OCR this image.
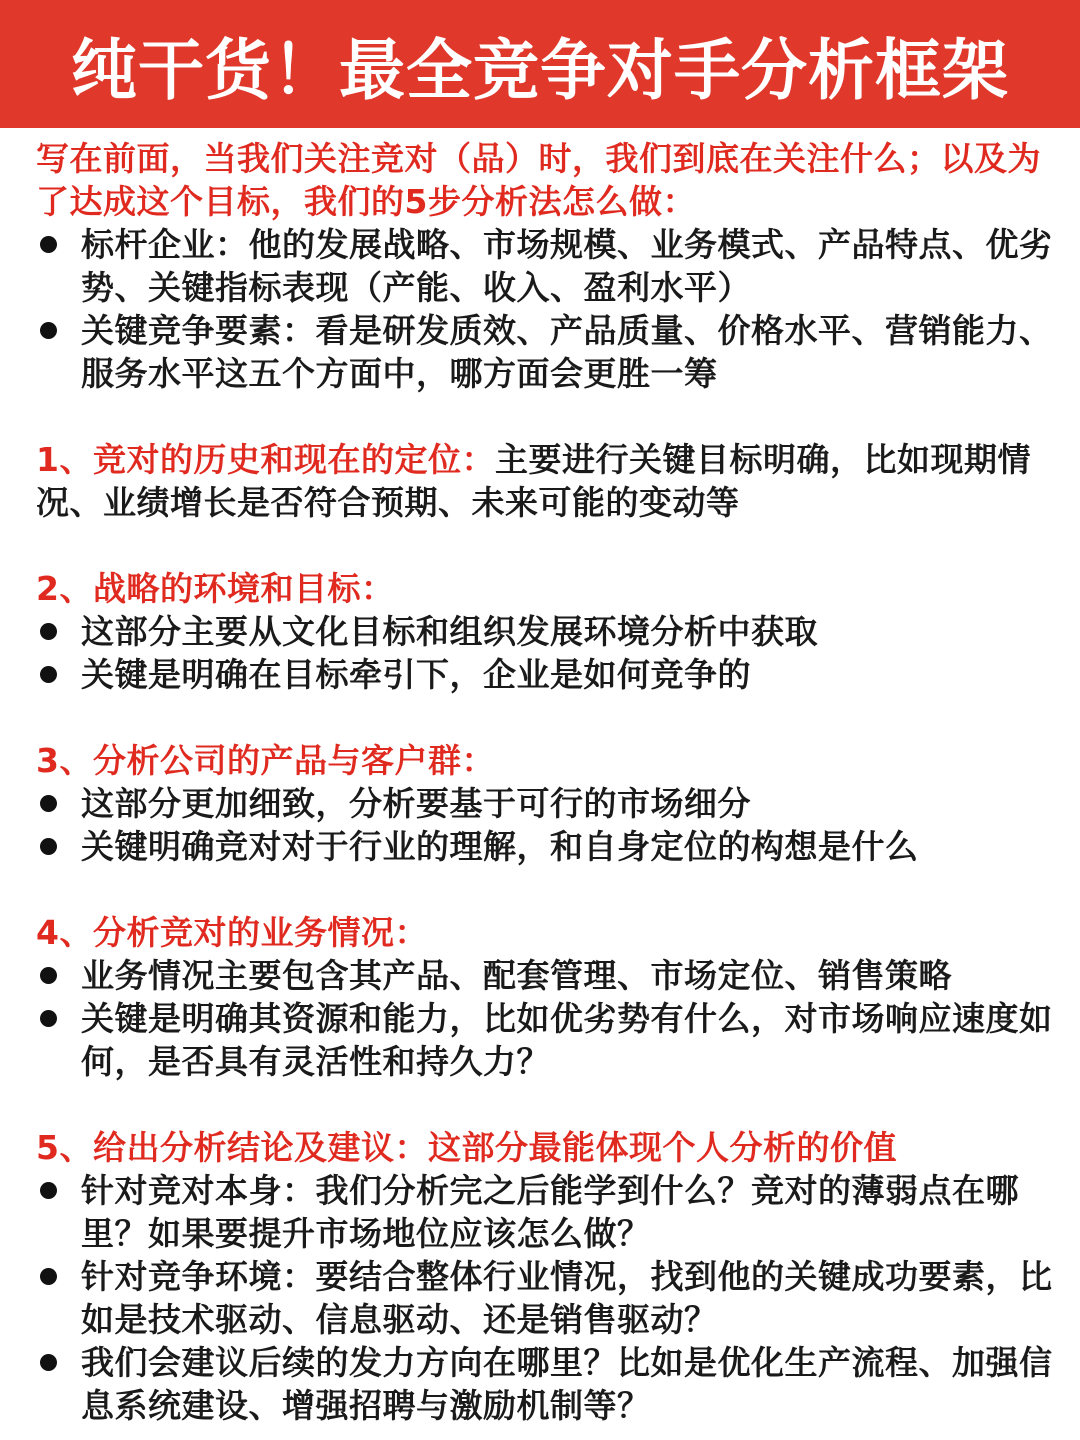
纯干货！最全竞争对手分析框架
写在前面，当我们关注竞对（品）时，我们到底在关注什么；以及为了达成这个目标，我们的5步分析法怎么做：
标杆企业：他的发展战略、市场规模、业务模式、产品特点、优劣势、关键指标表现（产能、收入、盈利水平）
关键竞争要素：看是研发质效、产品质量、价格水平、营销能力、服务水平这五个方面中，哪方面会更胜一筹
1、竞对的历史和现在的定位：主要进行关键目标明确，比如现期情况、业绩增长是否符合预期、未来可能的变动等
2、战略的环境和目标：
这部分主要从文化目标和组织发展环境分析中获取
关键是明确在目标牵引下，企业是如何竞争的
3、分析公司的产品与客户群：
这部分更加细致，分析要基于可行的市场细分
关键明确竞对对于行业的理解，和自身定位的构想是什么
4、分析竞对的业务情况：
业务情况主要包含其产品、配套管理、市场定位、销售策略
关键是明确其资源和能力，比如优劣势有什么，对市场响应速度如何，是否具有灵活性和持久力？
5、给出分析结论及建议：这部分最能体现个人分析的价值
针对竞对本身：我们分析完之后能学到什么？竞对的薄弱点在哪里？如果要提升市场地位应该怎么做？
针对竞争环境：要结合整体行业情况，找到他的关键成功要素，比如是技术驱动、信息驱动、还是销售驱动？
我们会建议后续的发力方向在哪里？比如是优化生产流程、加强信息系统建设、增强招聘与激励机制等？
